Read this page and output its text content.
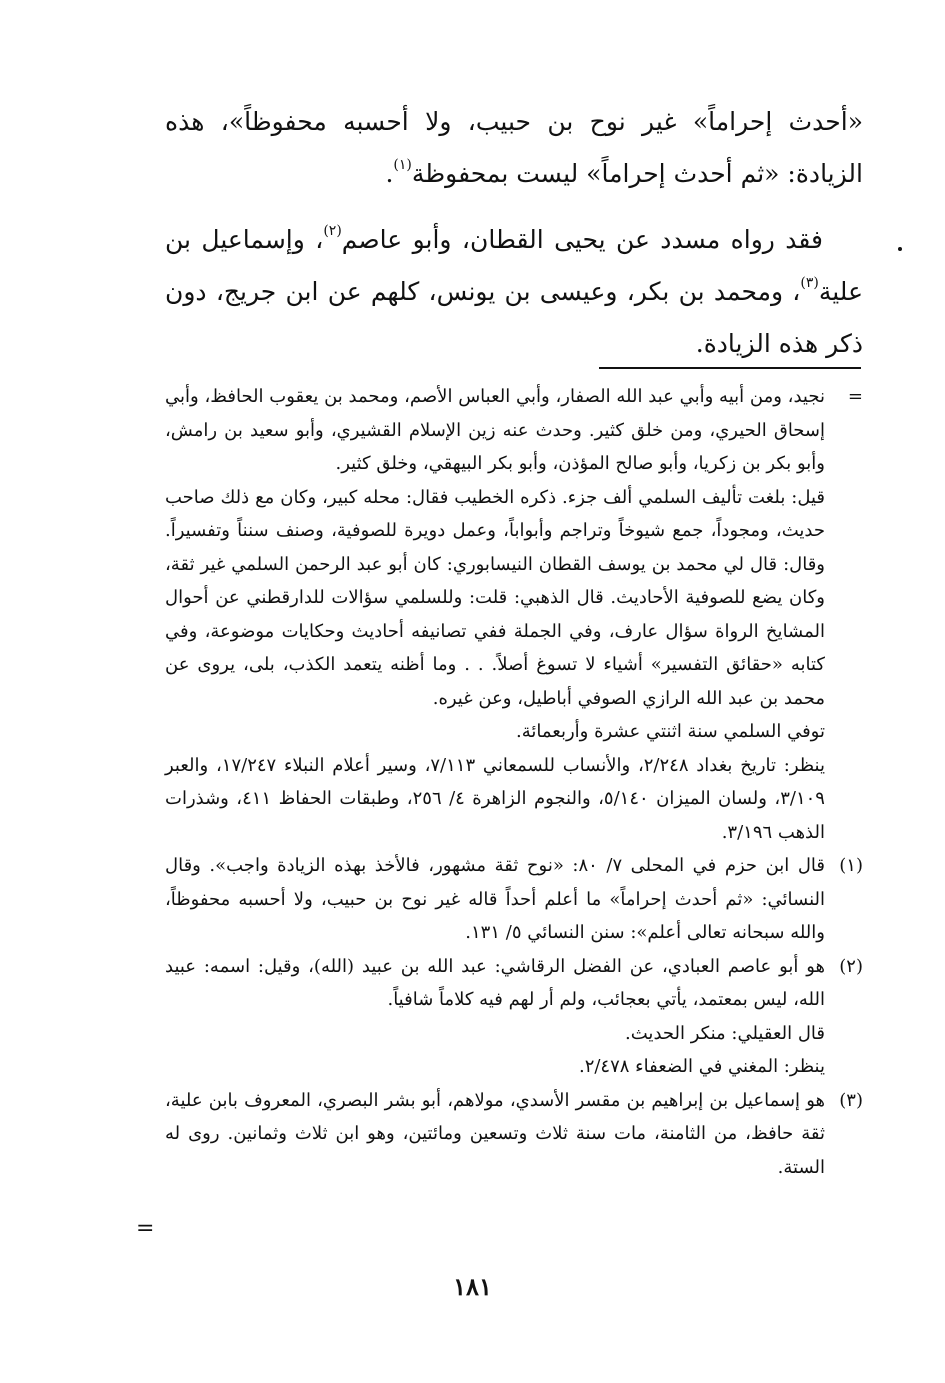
«أحدث إحراماً» غير نوح بن حبيب، ولا أحسبه محفوظاً»، هذه الزيادة: «ثم أحدث إحراماً» ليست بمحفوظة$^{(١)}$.

فقد رواه مسدد عن يحيى القطان، وأبو عاصم$^{(٢)}$، وإسماعيل بن علية$^{(٣)}$، ومحمد بن بكر، وعيسى بن يونس، كلهم عن ابن جريج، دون ذكر هذه الزيادة.

=

نجيد، ومن أبيه وأبي عبد الله الصفار، وأبي العباس الأصم، ومحمد بن يعقوب الحافظ، وأبي إسحاق الحيري، ومن خلق كثير. وحدث عنه زين الإسلام القشيري، وأبو سعيد بن رامش، وأبو بكر بن زكريا، وأبو صالح المؤذن، وأبو بكر البيهقي، وخلق كثير.

قيل: بلغت تأليف السلمي ألف جزء. ذكره الخطيب فقال: محله كبير، وكان مع ذلك صاحب حديث، ومجوداً، جمع شيوخاً وتراجم وأبواباً، وعمل دويرة للصوفية، وصنف سنناً وتفسيراً. وقال: قال لي محمد بن يوسف القطان النيسابوري: كان أبو عبد الرحمن السلمي غير ثقة، وكان يضع للصوفية الأحاديث. قال الذهبي: قلت: وللسلمي سؤالات للدارقطني عن أحوال المشايخ الرواة سؤال عارف، وفي الجملة ففي تصانيفه أحاديث وحكايات موضوعة، وفي كتابه «حقائق التفسير» أشياء لا تسوغ أصلاً. . . وما أظنه يتعمد الكذب، بلى، يروى عن محمد بن عبد الله الرازي الصوفي أباطيل، وعن غيره.

توفي السلمي سنة اثنتي عشرة وأربعمائة.

ينظر: تاريخ بغداد ٢/٢٤٨، والأنساب للسمعاني ٧/١١٣، وسير أعلام النبلاء ١٧/٢٤٧، والعبر ٣/١٠٩، ولسان الميزان ٥/١٤٠، والنجوم الزاهرة ٤/ ٢٥٦، وطبقات الحفاظ ٤١١، وشذرات الذهب ٣/١٩٦.

(١)

قال ابن حزم في المحلى ٧/ ٨٠: «نوح ثقة مشهور، فالأخذ بهذه الزيادة واجب». وقال النسائي: «ثم أحدث إحراماً» ما أعلم أحداً قاله غير نوح بن حبيب، ولا أحسبه محفوظاً، والله سبحانه تعالى أعلم»: سنن النسائي ٥/ ١٣١.

(٢)

هو أبو عاصم العبادي، عن الفضل الرقاشي: عبد الله بن عبيد (الله)، وقيل: اسمه: عبيد الله، ليس بمعتمد، يأتي بعجائب، ولم أر لهم فيه كلاماً شافياً.

قال العقيلي: منكر الحديث.

ينظر: المغني في الضعفاء ٢/٤٧٨.

(٣)

هو إسماعيل بن إبراهيم بن مقسر الأسدي، مولاهم، أبو بشر البصري، المعروف بابن علية، ثقة حافظ، من الثامنة، مات سنة ثلاث وتسعين ومائتين، وهو ابن ثلاث وثمانين. روى له الستة.

=
١٨١
